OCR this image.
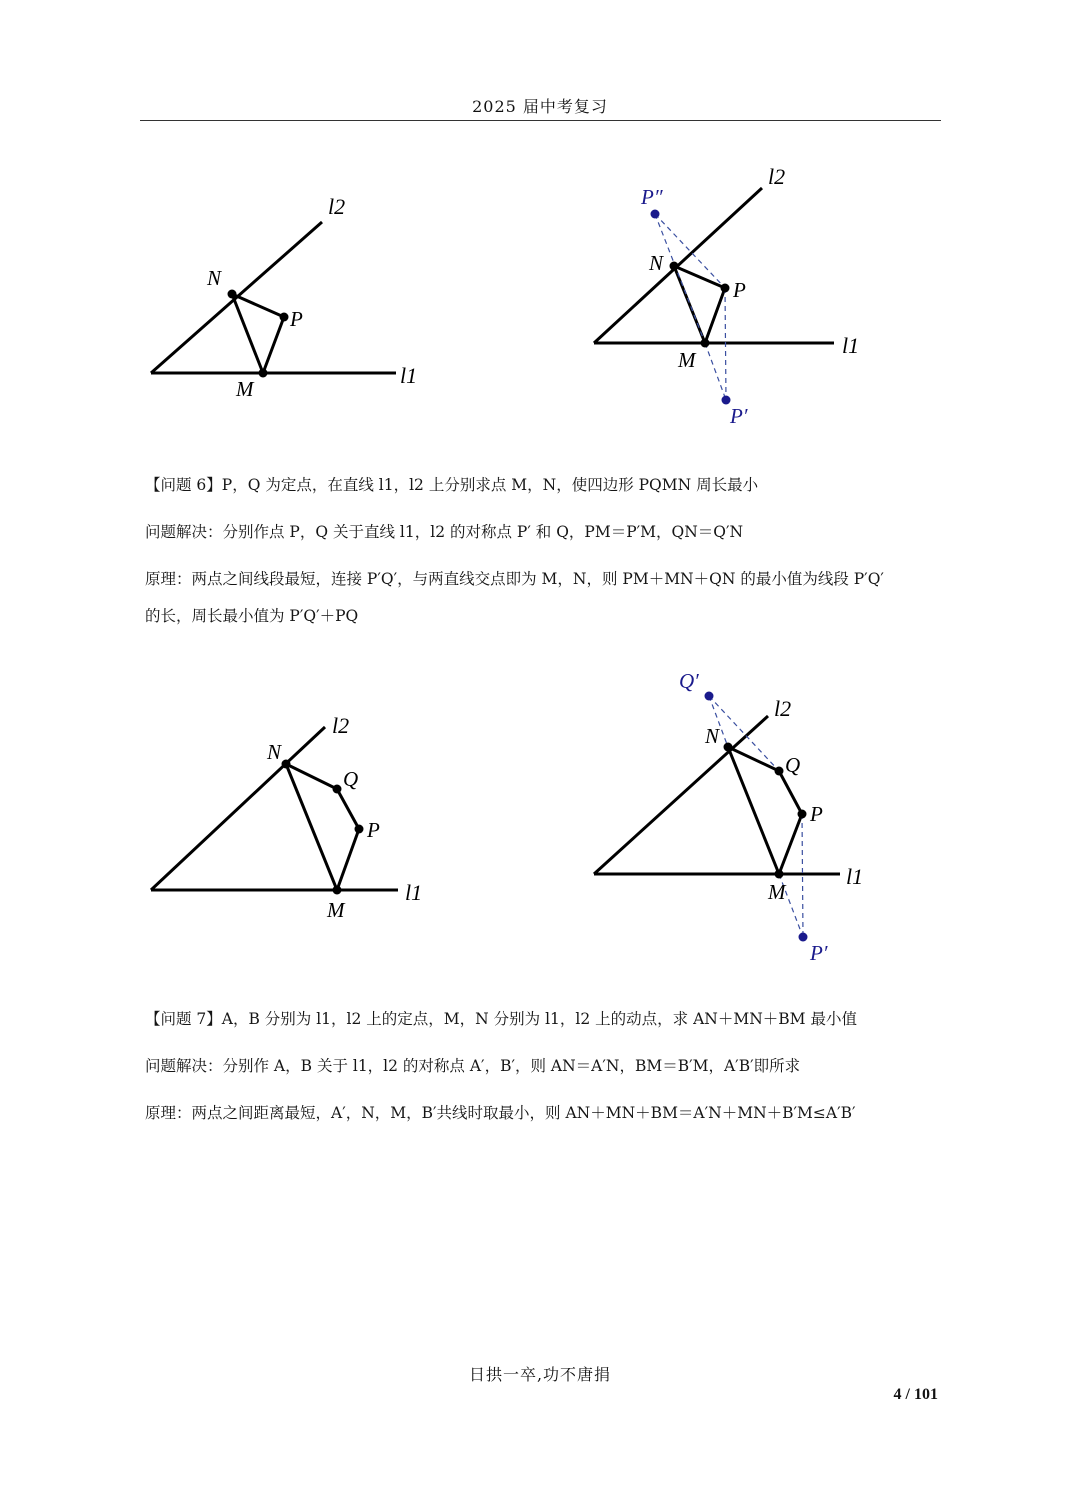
2025 届中考复习
l2
l1
N
P
M
l2
l1
N
P
M
P″
P′
【问题 6】P，Q 为定点，在直线 l1，l2 上分别求点 M，N，使四边形 PQMN 周长最小
问题解决：分别作点 P，Q 关于直线 l1，l2 的对称点 P′ 和 Q，PM＝P′M，QN＝Q′N
原理：两点之间线段最短，连接 P′Q′，与两直线交点即为 M，N，则 PM＋MN＋QN 的最小值为线段 P′Q′
的长，周长最小值为 P′Q′＋PQ
l2
l1
N
Q
P
M
l2
l1
N
Q
P
M
Q′
P′
【问题 7】A，B 分别为 l1，l2 上的定点，M，N 分别为 l1，l2 上的动点，求 AN＋MN＋BM 最小值
问题解决：分别作 A，B 关于 l1，l2 的对称点 A′，B′，则 AN＝A′N，BM＝B′M，A′B′即所求
原理：两点之间距离最短，A′，N，M，B′共线时取最小，则 AN＋MN＋BM＝A′N＋MN＋B′M≤A′B′
日拱一卒,功不唐捐
4 / 101
